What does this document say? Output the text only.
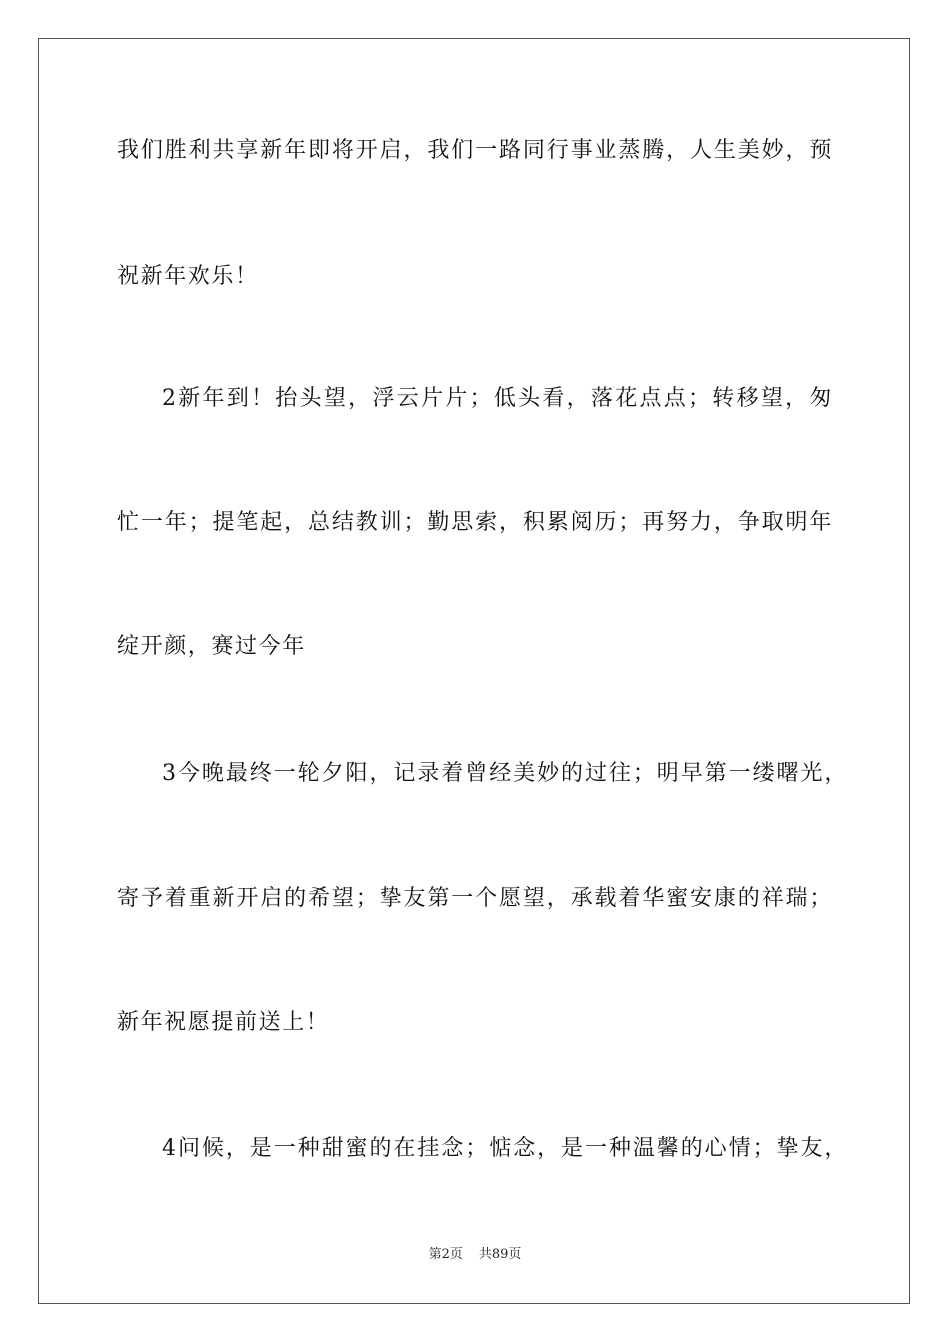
我们胜利共享新年即将开启，我们一路同行事业蒸腾，人生美妙，预
祝新年欢乐！
2新年到！抬头望，浮云片片；低头看，落花点点；转移望，匆
忙一年；提笔起，总结教训；勤思索，积累阅历；再努力，争取明年
绽开颜，赛过今年
3今晚最终一轮夕阳，记录着曾经美妙的过往；明早第一缕曙光，
寄予着重新开启的希望；挚友第一个愿望，承载着华蜜安康的祥瑞；
新年祝愿提前送上！
4问候，是一种甜蜜的在挂念；惦念，是一种温馨的心情；挚友，
第2页 共89页
